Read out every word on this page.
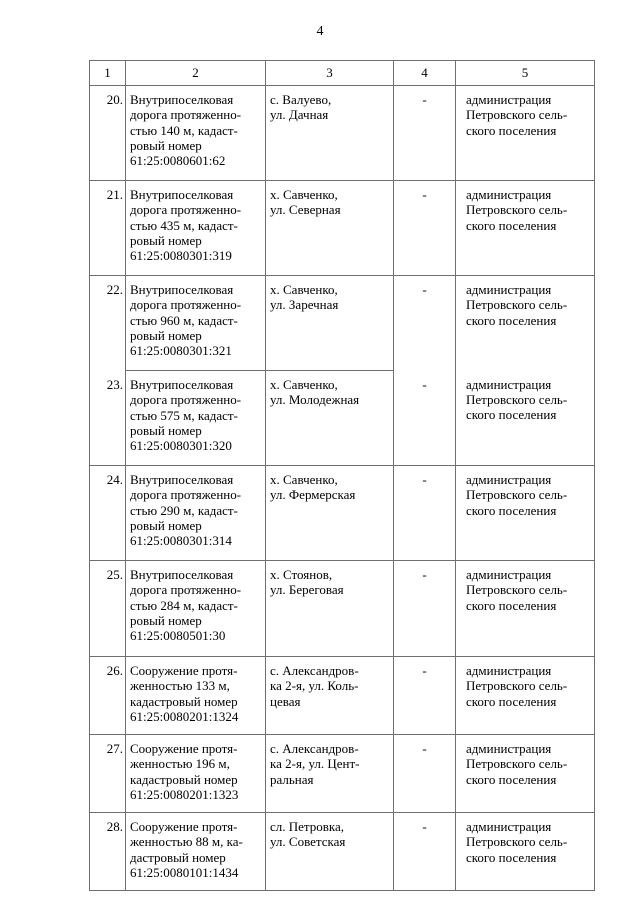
4
1	2	3	4	5
20.	Внутрипоселковая
дорога протяженно-
стью 140 м, кадаст-
ровый номер
61:25:0080601:62	с. Валуево,
ул. Дачная	-	администрация
Петровского сель-
ского поселения

21.	Внутрипоселковая
дорога протяженно-
стью 435 м, кадаст-
ровый номер
61:25:0080301:319	х. Савченко,
ул. Северная	-	администрация
Петровского сель-
ского поселения

22.	Внутрипоселковая
дорога протяженно-
стью 960 м, кадаст-
ровый номер
61:25:0080301:321	х. Савченко,
ул. Заречная	-	администрация
Петровского сель-
ского поселения

23.	Внутрипоселковая
дорога протяженно-
стью 575 м, кадаст-
ровый номер
61:25:0080301:320	х. Савченко,
ул. Молодежная	-	администрация
Петровского сель-
ского поселения

24.	Внутрипоселковая
дорога протяженно-
стью 290 м, кадаст-
ровый номер
61:25:0080301:314	х. Савченко,
ул. Фермерская	-	администрация
Петровского сель-
ского поселения

25.	Внутрипоселковая
дорога протяженно-
стью 284 м, кадаст-
ровый номер
61:25:0080501:30	х. Стоянов,
ул. Береговая	-	администрация
Петровского сель-
ского поселения

26.	Сооружение протя-
женностью 133 м,
кадастровый номер
61:25:0080201:1324	с. Александров-
ка 2-я, ул. Коль-
цевая	-	администрация
Петровского сель-
ского поселения

27.	Сооружение протя-
женностью 196 м,
кадастровый номер
61:25:0080201:1323	с. Александров-
ка 2-я, ул. Цент-
ральная	-	администрация
Петровского сель-
ского поселения

28.	Сооружение протя-
женностью 88 м, ка-
дастровый номер
61:25:0080101:1434	сл. Петровка,
ул. Советская	-	администрация
Петровского сель-
ского поселения
